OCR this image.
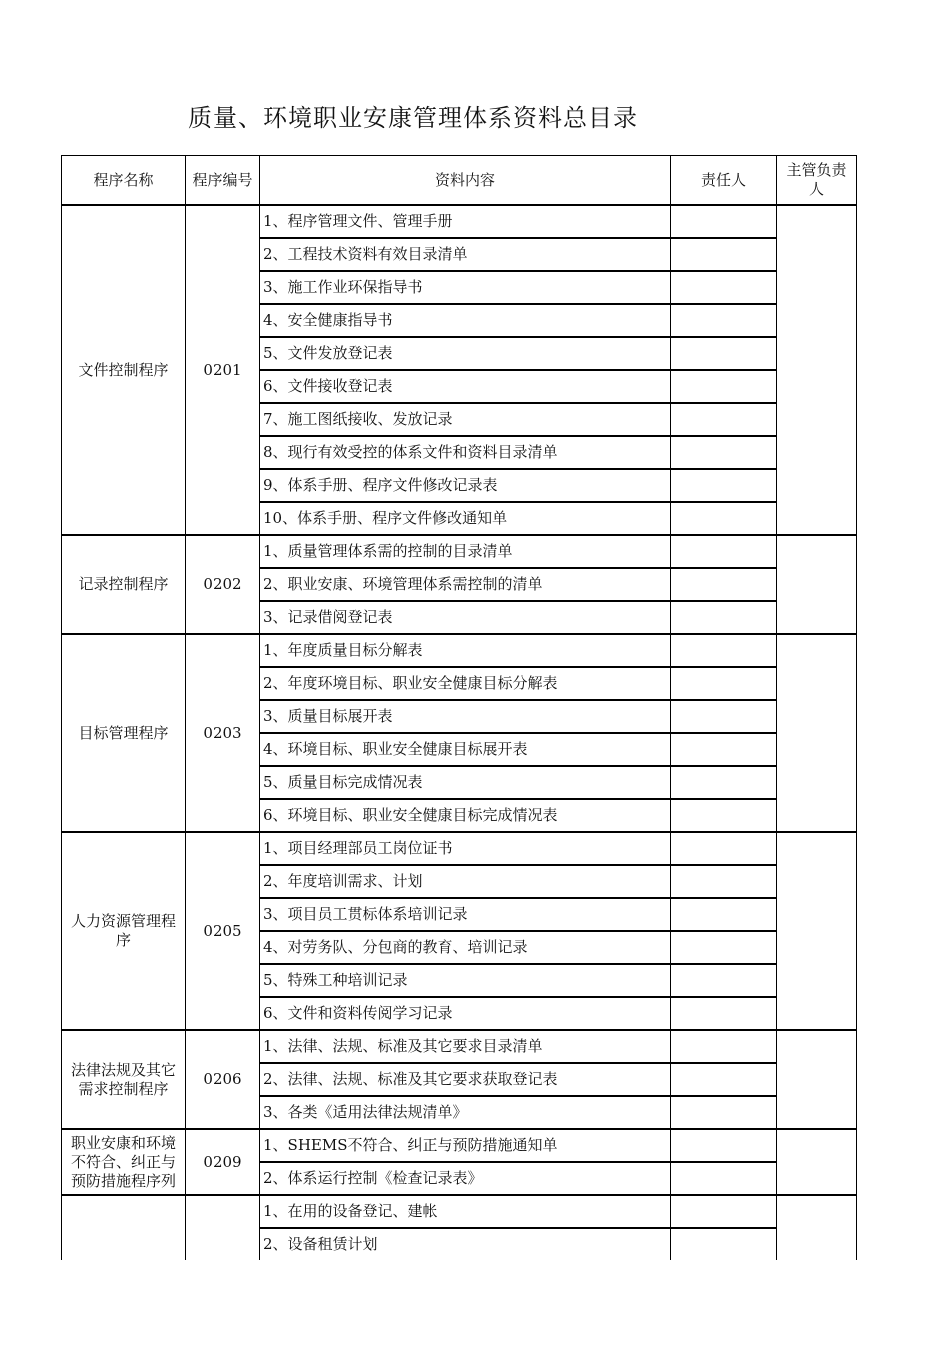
质量、环境职业安康管理体系资料总目录
程序名称	程序编号	资料内容	责任人	主管负责人
文件控制程序	0201	1、程序管理文件、管理手册		
		2、工程技术资料有效目录清单		
		3、施工作业环保指导书		
		4、安全健康指导书		
		5、文件发放登记表		
		6、文件接收登记表		
		7、施工图纸接收、发放记录		
		8、现行有效受控的体系文件和资料目录清单		
		9、体系手册、程序文件修改记录表		
		10、体系手册、程序文件修改通知单		
记录控制程序	0202	1、质量管理体系需的控制的目录清单		
		2、职业安康、环境管理体系需控制的清单		
		3、记录借阅登记表		
目标管理程序	0203	1、年度质量目标分解表		
		2、年度环境目标、职业安全健康目标分解表		
		3、质量目标展开表		
		4、环境目标、职业安全健康目标展开表		
		5、质量目标完成情况表		
		6、环境目标、职业安全健康目标完成情况表		
人力资源管理程序	0205	1、项目经理部员工岗位证书		
		2、年度培训需求、计划		
		3、项目员工贯标体系培训记录		
		4、对劳务队、分包商的教育、培训记录		
		5、特殊工种培训记录		
		6、文件和资料传阅学习记录		
法律法规及其它需求控制程序	0206	1、法律、法规、标准及其它要求目录清单		
		2、法律、法规、标准及其它要求获取登记表		
		3、各类《适用法律法规清单》		
职业安康和环境不符合、纠正与预防措施程序列	0209	1、SHEMS不符合、纠正与预防措施通知单		
		2、体系运行控制《检查记录表》		
		1、在用的设备登记、建帐		
		2、设备租赁计划		
